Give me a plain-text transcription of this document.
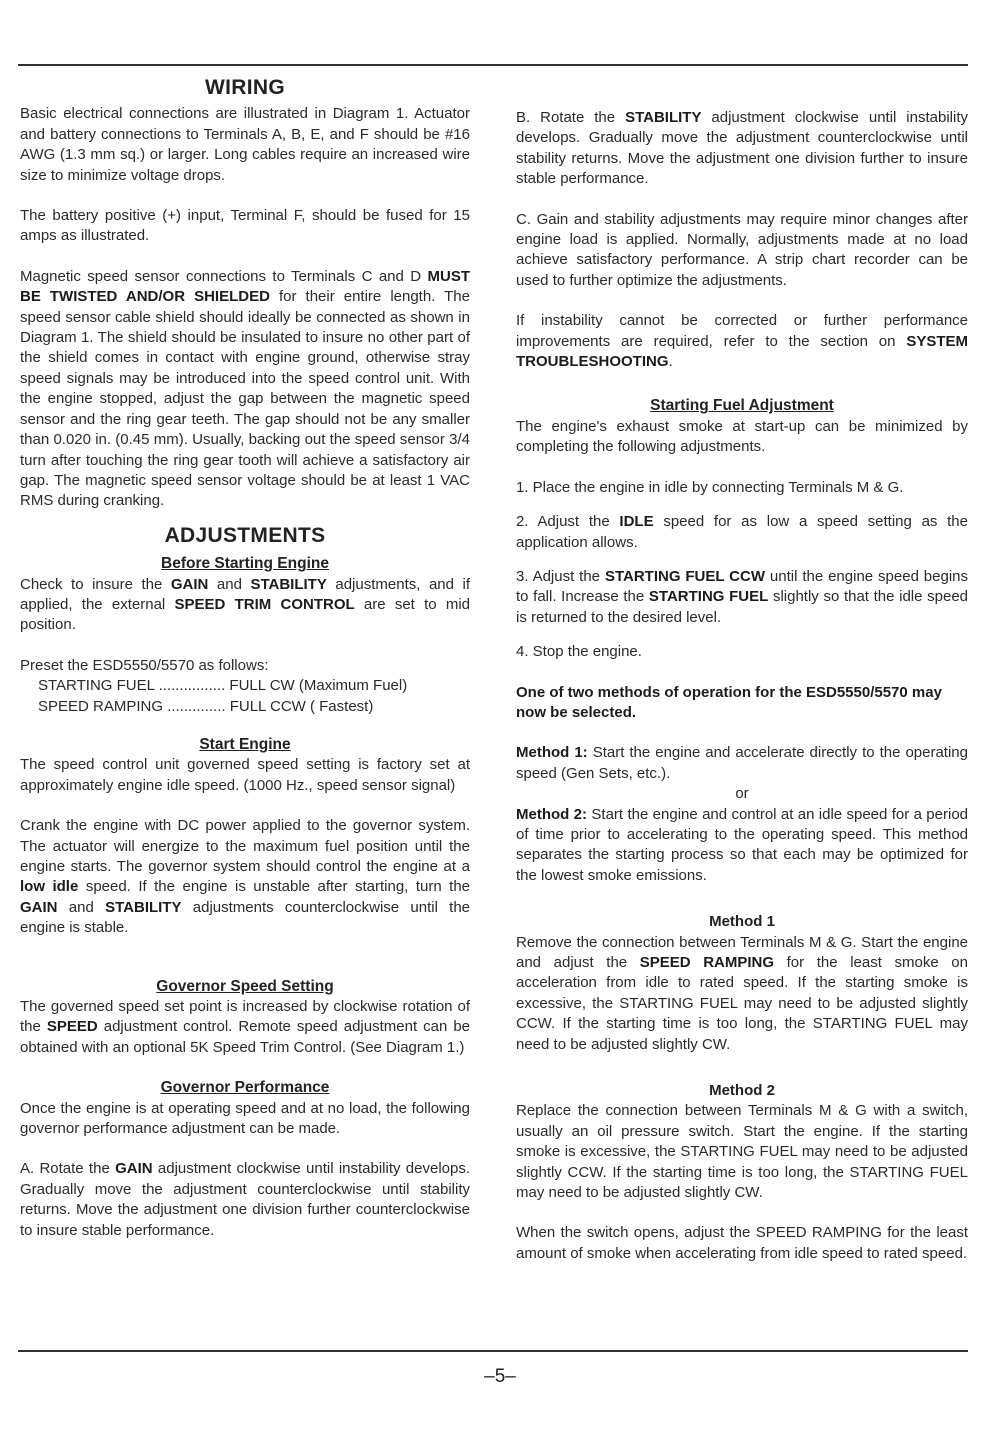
WIRING

Basic electrical connections are illustrated in Diagram 1. Actuator and battery connections to Terminals A, B, E, and F should be #16 AWG (1.3 mm sq.) or larger. Long cables require an increased wire size to minimize voltage drops.

The battery positive (+) input, Terminal F, should be fused for 15 amps as illustrated.

Magnetic speed sensor connections to Terminals C and D MUST BE TWISTED AND/OR SHIELDED for their entire length. The speed sensor cable shield should ideally be connected as shown in Diagram 1. The shield should be insulated to insure no other part of the shield comes in contact with engine ground, otherwise stray speed signals may be introduced into the speed control unit. With the engine stopped, adjust the gap between the magnetic speed sensor and the ring gear teeth. The gap should not be any smaller than 0.020 in. (0.45 mm). Usually, backing out the speed sensor 3/4 turn after touching the ring gear tooth will achieve a satisfactory air gap. The magnetic speed sensor voltage should be at least 1 VAC RMS during cranking.

ADJUSTMENTS
Before Starting Engine

Check to insure the GAIN and STABILITY adjustments, and if applied, the external SPEED TRIM CONTROL are set to mid position.

Preset the ESD5550/5570 as follows:

STARTING FUEL ................ FULL CW (Maximum Fuel)

SPEED RAMPING .............. FULL CCW ( Fastest)

Start Engine

The speed control unit governed speed setting is factory set at approximately engine idle speed. (1000 Hz., speed sensor signal)

Crank the engine with DC power applied to the governor system. The actuator will energize to the maximum fuel position until the engine starts. The governor system should control the engine at a low idle speed. If the engine is unstable after starting, turn the GAIN and STABILITY adjustments counterclockwise until the engine is stable.

Governor Speed Setting

The governed speed set point is increased by clockwise rotation of the SPEED adjustment control. Remote speed adjustment can be obtained with an optional 5K Speed Trim Control. (See Diagram 1.)

Governor Performance

Once the engine is at operating speed and at no load, the following governor performance adjustment can be made.

A. Rotate the GAIN adjustment clockwise until instability develops. Gradually move the adjustment counterclockwise until stability returns. Move the adjustment one division further counterclockwise to insure stable performance.

B. Rotate the STABILITY adjustment clockwise until instability develops. Gradually move the adjustment counterclockwise until stability returns. Move the adjustment one division further to insure stable performance.

C. Gain and stability adjustments may require minor changes after engine load is applied. Normally, adjustments made at no load achieve satisfactory performance. A strip chart recorder can be used to further optimize the adjustments.

If instability cannot be corrected or further performance improvements are required, refer to the section on SYSTEM TROUBLESHOOTING.

Starting Fuel Adjustment

The engine's exhaust smoke at start-up can be minimized by completing the following adjustments.

1. Place the engine in idle by connecting Terminals M & G.

2. Adjust the IDLE speed for as low a speed setting as the application allows.

3. Adjust the STARTING FUEL CCW until the engine speed begins to fall. Increase the STARTING FUEL slightly so that the idle speed is returned to the desired level.

4. Stop the engine.

One of two methods of operation for the ESD5550/5570 may now be selected.

Method 1: Start the engine and accelerate directly to the operating speed (Gen Sets, etc.).

or

Method 2: Start the engine and control at an idle speed for a period of time prior to accelerating to the operating speed. This method separates the starting process so that each may be optimized for the lowest smoke emissions.

Method 1

Remove the connection between Terminals M & G. Start the engine and adjust the SPEED RAMPING for the least smoke on acceleration from idle to rated speed. If the starting smoke is excessive, the STARTING FUEL may need to be adjusted slightly CCW. If the starting time is too long, the STARTING FUEL may need to be adjusted slightly CW.

Method 2

Replace the connection between Terminals M & G with a switch, usually an oil pressure switch. Start the engine. If the starting smoke is excessive, the STARTING FUEL may need to be adjusted slightly CCW. If the starting time is too long, the STARTING FUEL may need to be adjusted slightly CW.

When the switch opens, adjust the SPEED RAMPING for the least amount of smoke when accelerating from idle speed to rated speed.

–5–
